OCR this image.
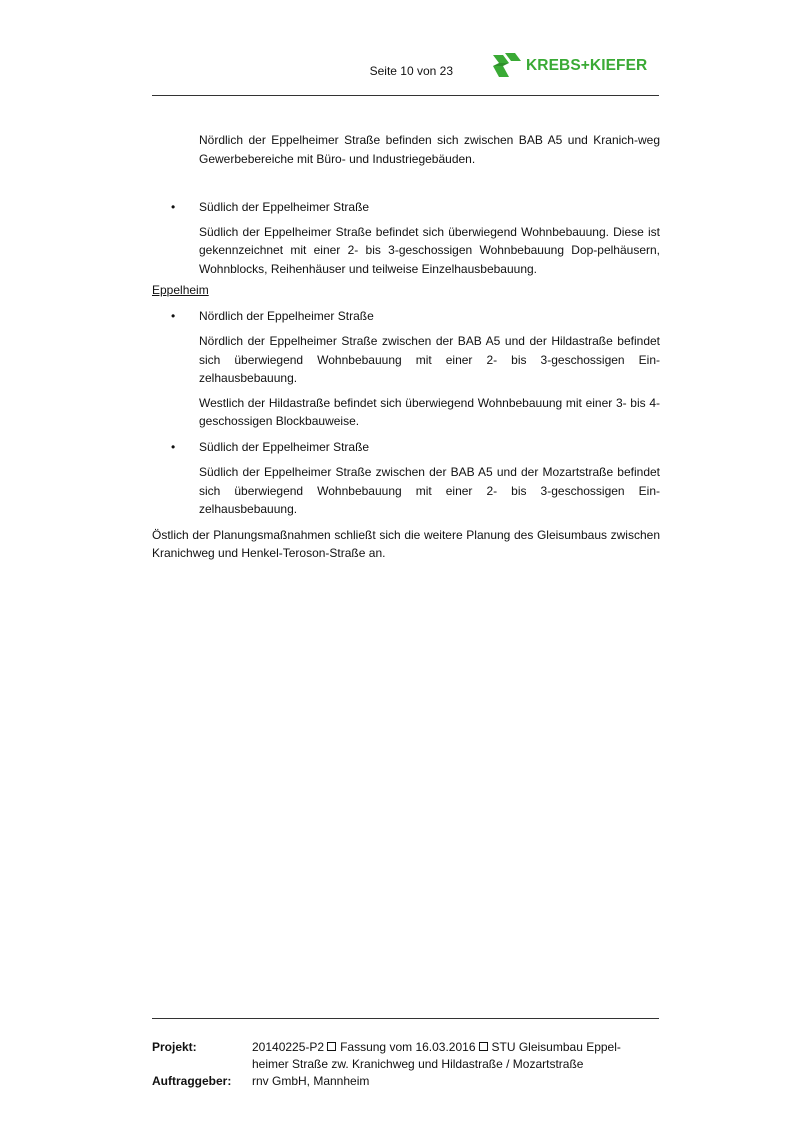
Seite 10 von 23	KREBS+KIEFER

Nördlich der Eppelheimer Straße befinden sich zwischen BAB A5 und Kranich-weg Gewerbebereiche mit Büro- und Industriegebäuden.

• Südlich der Eppelheimer Straße

Südlich der Eppelheimer Straße befindet sich überwiegend Wohnbebauung. Diese ist gekennzeichnet mit einer 2- bis 3-geschossigen Wohnbebauung Dop-pelhäusern, Wohnblocks, Reihenhäuser und teilweise Einzelhausbebauung.

Eppelheim

• Nördlich der Eppelheimer Straße

Nördlich der Eppelheimer Straße zwischen der BAB A5 und der Hildastraße befindet sich überwiegend Wohnbebauung mit einer 2- bis 3-geschossigen Ein-zelhausbebauung.

Westlich der Hildastraße befindet sich überwiegend Wohnbebauung mit einer 3- bis 4-geschossigen Blockbauweise.

• Südlich der Eppelheimer Straße

Südlich der Eppelheimer Straße zwischen der BAB A5 und der Mozartstraße befindet sich überwiegend Wohnbebauung mit einer 2- bis 3-geschossigen Ein-zelhausbebauung.

Östlich der Planungsmaßnahmen schließt sich die weitere Planung des Gleisumbaus zwischen Kranichweg und Henkel-Teroson-Straße an.

Projekt:	20140225-P2 Fassung vom 16.03.2016 STU Gleisumbau Eppel-heimer Straße zw. Kranichweg und Hildastraße / Mozartstraße
Auftraggeber:	rnv GmbH, Mannheim
